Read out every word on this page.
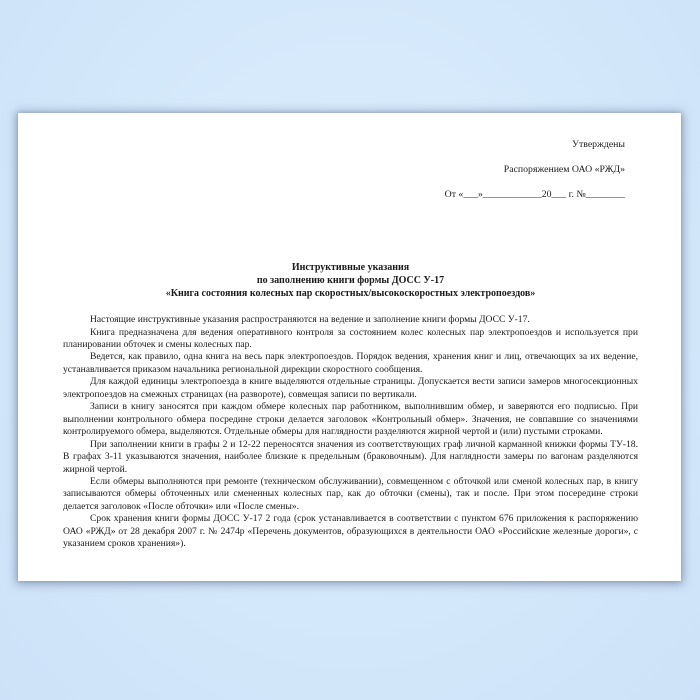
Утверждены
Распоряжением ОАО «РЖД»
От «___»____________20___ г. №________
Инструктивные указания
по заполнению книги формы ДОСС У-17
«Книга состояния колесных пар скоростных/высокоскоростных электропоездов»

Настоящие инструктивные указания распространяются на ведение и заполнение книги формы ДОСС У-17.

Книга предназначена для ведения оперативного контроля за состоянием колес колесных пар электропоездов и используется при планировании обточек и смены колесных пар.

Ведется, как правило, одна книга на весь парк электропоездов. Порядок ведения, хранения книг и лиц, отвечающих за их ведение, устанавливается приказом начальника региональной дирекции скоростного сообщения.

Для каждой единицы электропоезда в книге выделяются отдельные страницы. Допускается вести записи замеров многосекционных электропоездов на смежных страницах (на развороте), совмещая записи по вертикали.

Записи в книгу заносятся при каждом обмере колесных пар работником, выполнившим обмер, и заверяются его подписью. При выполнении контрольного обмера посредине строки делается заголовок «Контрольный обмер». Значения, не совпавшие со значениями контролируемого обмера, выделяются. Отдельные обмеры для наглядности разделяются жирной чертой и (или) пустыми строками.

При заполнении книги в графы 2 и 12-22 переносятся значения из соответствующих граф личной карманной книжки формы ТУ-18. В графах 3-11 указываются значения, наиболее близкие к предельным (браковочным). Для наглядности замеры по вагонам разделяются жирной чертой.

Если обмеры выполняются при ремонте (техническом обслуживании), совмещенном с обточкой или сменой колесных пар, в книгу записываются обмеры обточенных или смененных колесных пар, как до обточки (смены), так и после. При этом посередине строки делается заголовок «После обточки» или «После смены».

Срок хранения книги формы ДОСС У-17 2 года (срок устанавливается в соответствии с пунктом 676 приложения к распоряжению ОАО «РЖД» от 28 декабря 2007 г. № 2474р «Перечень документов, образующихся в деятельности ОАО «Российские железные дороги», с указанием сроков хранения»).
